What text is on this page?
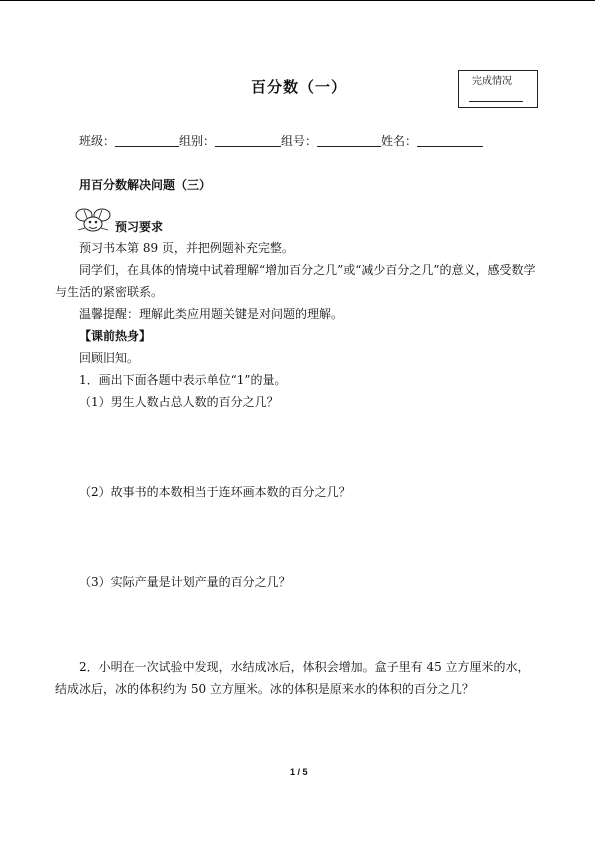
百分数（一）	完成情况
班级：	组别：	组号：	姓名：
用百分数解决问题（三）
预习要求
预习书本第 89 页，并把例题补充完整。
同学们，在具体的情境中试着理解“增加百分之几”或“减少百分之几”的意义，感受数学与生活的紧密联系。
温馨提醒：理解此类应用题关键是对问题的理解。
【课前热身】
回顾旧知。
1．画出下面各题中表示单位“1”的量。
（1）男生人数占总人数的百分之几？
（2）故事书的本数相当于连环画本数的百分之几？
（3）实际产量是计划产量的百分之几？
2．小明在一次试验中发现，水结成冰后，体积会增加。盒子里有 45 立方厘米的水，结成冰后，冰的体积约为 50 立方厘米。冰的体积是原来水的体积的百分之几？
1 / 5
